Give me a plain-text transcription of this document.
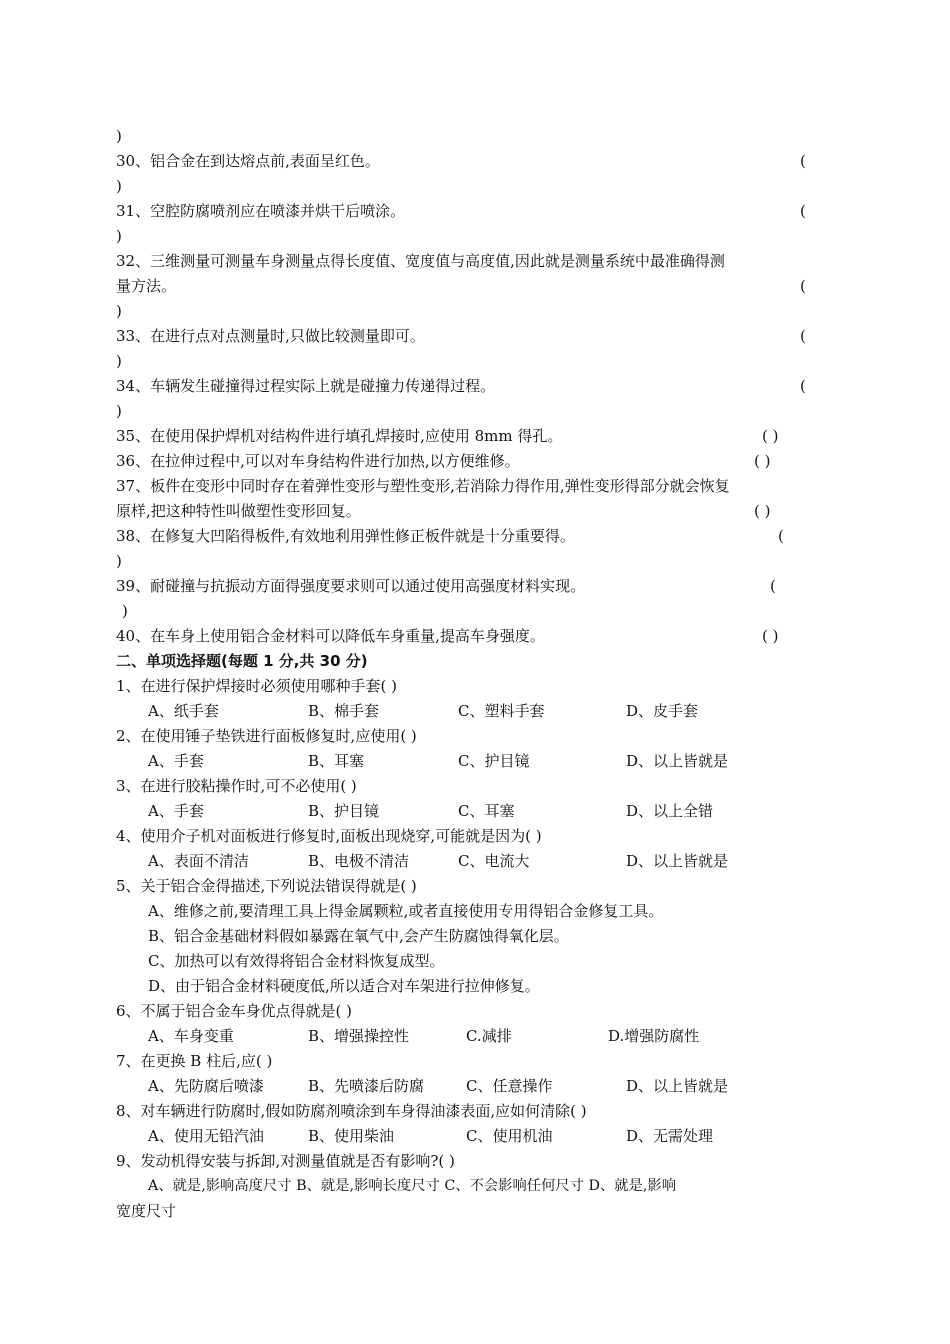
)
30、铝合金在到达熔点前,表面呈红色。	(
)
31、空腔防腐喷剂应在喷漆并烘干后喷涂。	(
)
32、三维测量可测量车身测量点得长度值、宽度值与高度值,因此就是测量系统中最准确得测
量方法。	(
)
33、在进行点对点测量时,只做比较测量即可。	(
)
34、车辆发生碰撞得过程实际上就是碰撞力传递得过程。	(
)
35、在使用保护焊机对结构件进行填孔焊接时,应使用 8mm 得孔。	( )
36、在拉伸过程中,可以对车身结构件进行加热,以方便维修。	( )
37、板件在变形中同时存在着弹性变形与塑性变形,若消除力得作用,弹性变形得部分就会恢复
原样,把这种特性叫做塑性变形回复。	( )
38、在修复大凹陷得板件,有效地利用弹性修正板件就是十分重要得。	(
)
39、耐碰撞与抗振动方面得强度要求则可以通过使用高强度材料实现。	(
)
40、在车身上使用铝合金材料可以降低车身重量,提高车身强度。	( )
二、单项选择题(每题 1 分,共 30 分)
1、在进行保护焊接时必须使用哪种手套( )
A、纸手套	B、棉手套	C、塑料手套	D、皮手套
2、在使用锤子垫铁进行面板修复时,应使用( )
A、手套	B、耳塞	C、护目镜	D、以上皆就是
3、在进行胶粘操作时,可不必使用( )
A、手套	B、护目镜	C、耳塞	D、以上全错
4、使用介子机对面板进行修复时,面板出现烧穿,可能就是因为( )
A、表面不清洁	B、电极不清洁	C、电流大	D、以上皆就是
5、关于铝合金得描述,下列说法错误得就是( )
A、维修之前,要清理工具上得金属颗粒,或者直接使用专用得铝合金修复工具。
B、铝合金基础材料假如暴露在氧气中,会产生防腐蚀得氧化层。
C、加热可以有效得将铝合金材料恢复成型。
D、由于铝合金材料硬度低,所以适合对车架进行拉伸修复。
6、不属于铝合金车身优点得就是( )
A、车身变重	B、增强操控性	C.减排	D.增强防腐性
7、在更换 B 柱后,应( )
A、先防腐后喷漆	B、先喷漆后防腐	C、任意操作	D、以上皆就是
8、对车辆进行防腐时,假如防腐剂喷涂到车身得油漆表面,应如何清除( )
A、使用无铅汽油	B、使用柴油	C、使用机油	D、无需处理
9、发动机得安装与拆卸,对测量值就是否有影响?( )
A、就是,影响高度尺寸 B、就是,影响长度尺寸 C、不会影响任何尺寸 D、就是,影响
宽度尺寸
